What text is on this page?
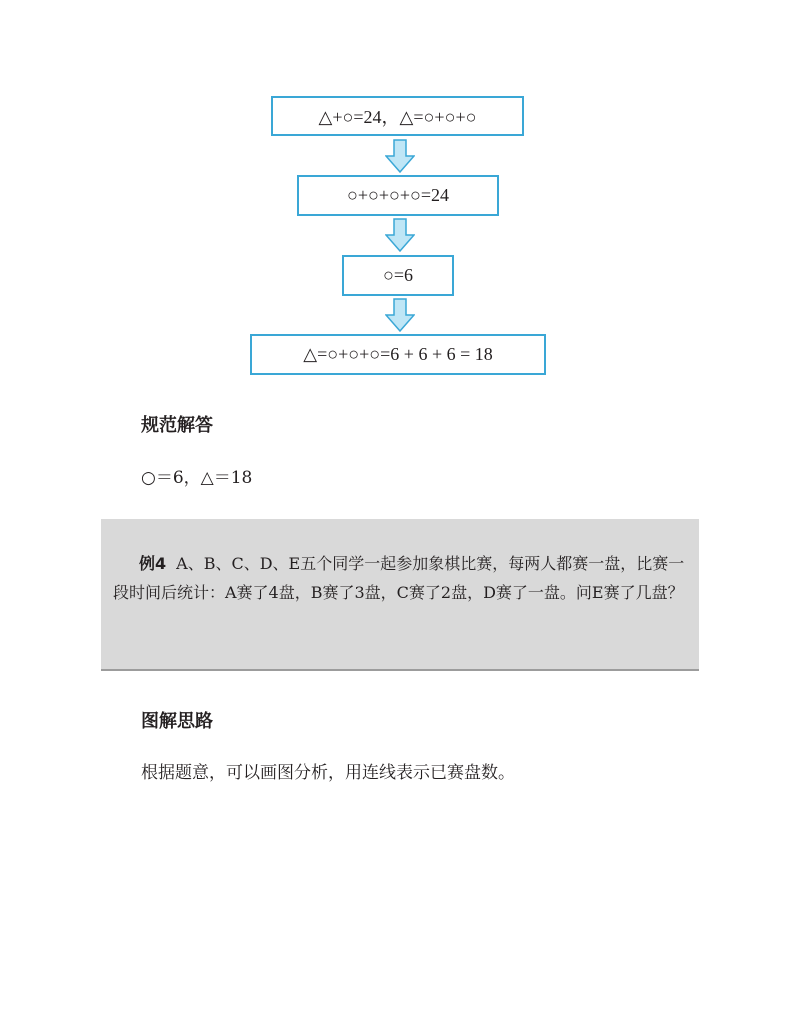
△+○=24，△=○+○+○
○+○+○+○=24
○=6
△=○+○+○=6 + 6 + 6 = 18
规范解答
○＝6，△＝18
例4 A、B、C、D、E五个同学一起参加象棋比赛，每两人都赛一盘，比赛一段时间后统计：A赛了4盘，B赛了3盘，C赛了2盘，D赛了一盘。问E赛了几盘？
图解思路
根据题意，可以画图分析，用连线表示已赛盘数。
